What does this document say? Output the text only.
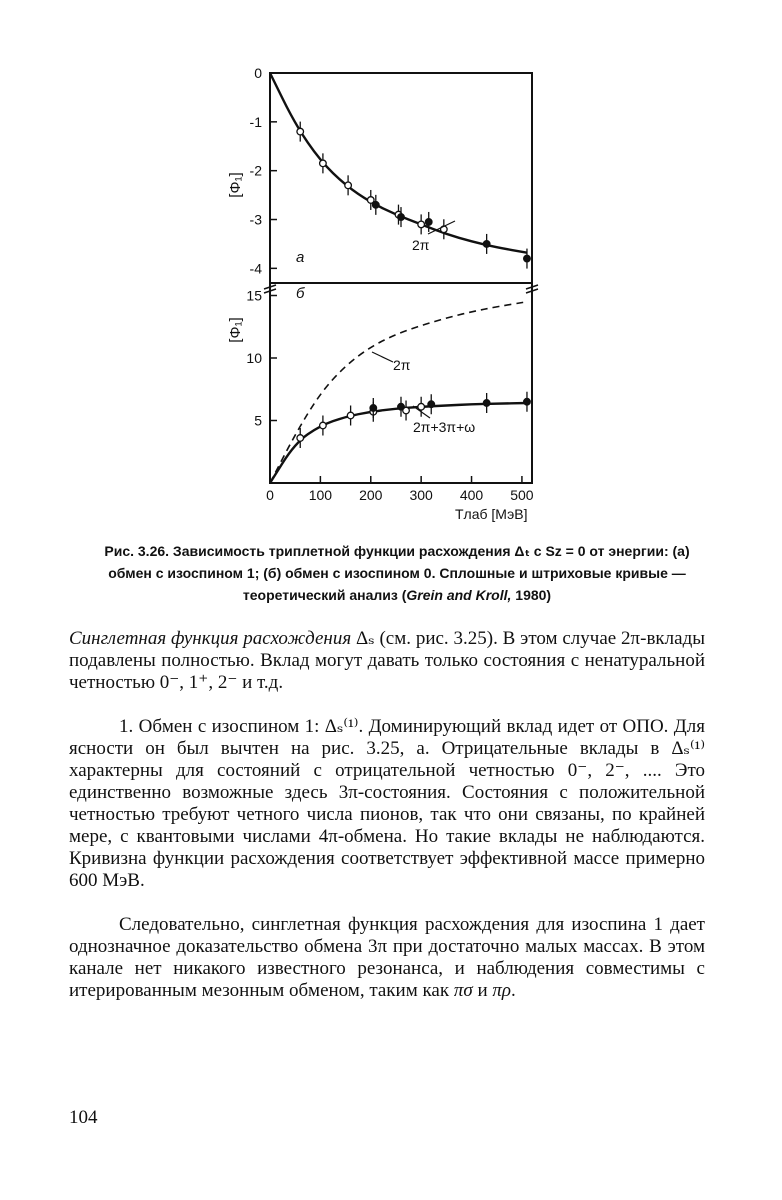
0
-1
-2
-3
-4
5
10
15
0 100 200 300 400 500
а
б
[Φ₁]
[Φ₁]
2π
2π
2π+3π+ω
Tлаб [МэВ]
Рис. 3.26. Зависимость триплетной функции расхождения Δₜ с Sz = 0 от энергии: (а) обмен с изоспином 1; (б) обмен с изоспином 0. Сплошные и штриховые кривые — теоретический анализ (Grein and Kroll, 1980)
Синглетная функция расхождения Δₛ (см. рис. 3.25). В этом случае 2π-вклады подавлены полностью. Вклад могут давать только состояния с ненатуральной четностью 0⁻, 1⁺, 2⁻ и т.д.
1. Обмен с изоспином 1: Δₛ⁽¹⁾. Доминирующий вклад идет от ОПО. Для ясности он был вычтен на рис. 3.25, а. Отрицательные вклады в Δₛ⁽¹⁾ характерны для состояний с отрицательной четностью 0⁻, 2⁻, .... Это единственно возможные здесь 3π-состояния. Состояния с положительной четностью требуют четного числа пионов, так что они связаны, по крайней мере, с квантовыми числами 4π-обмена. Но такие вклады не наблюдаются. Кривизна функции расхождения соответствует эффективной массе примерно 600 МэВ.
Следовательно, синглетная функция расхождения для изоспина 1 дает однозначное доказательство обмена 3π при достаточно малых массах. В этом канале нет никакого известного резонанса, и наблюдения совместимы с итерированным мезонным обменом, таким как πσ и πρ.
104
